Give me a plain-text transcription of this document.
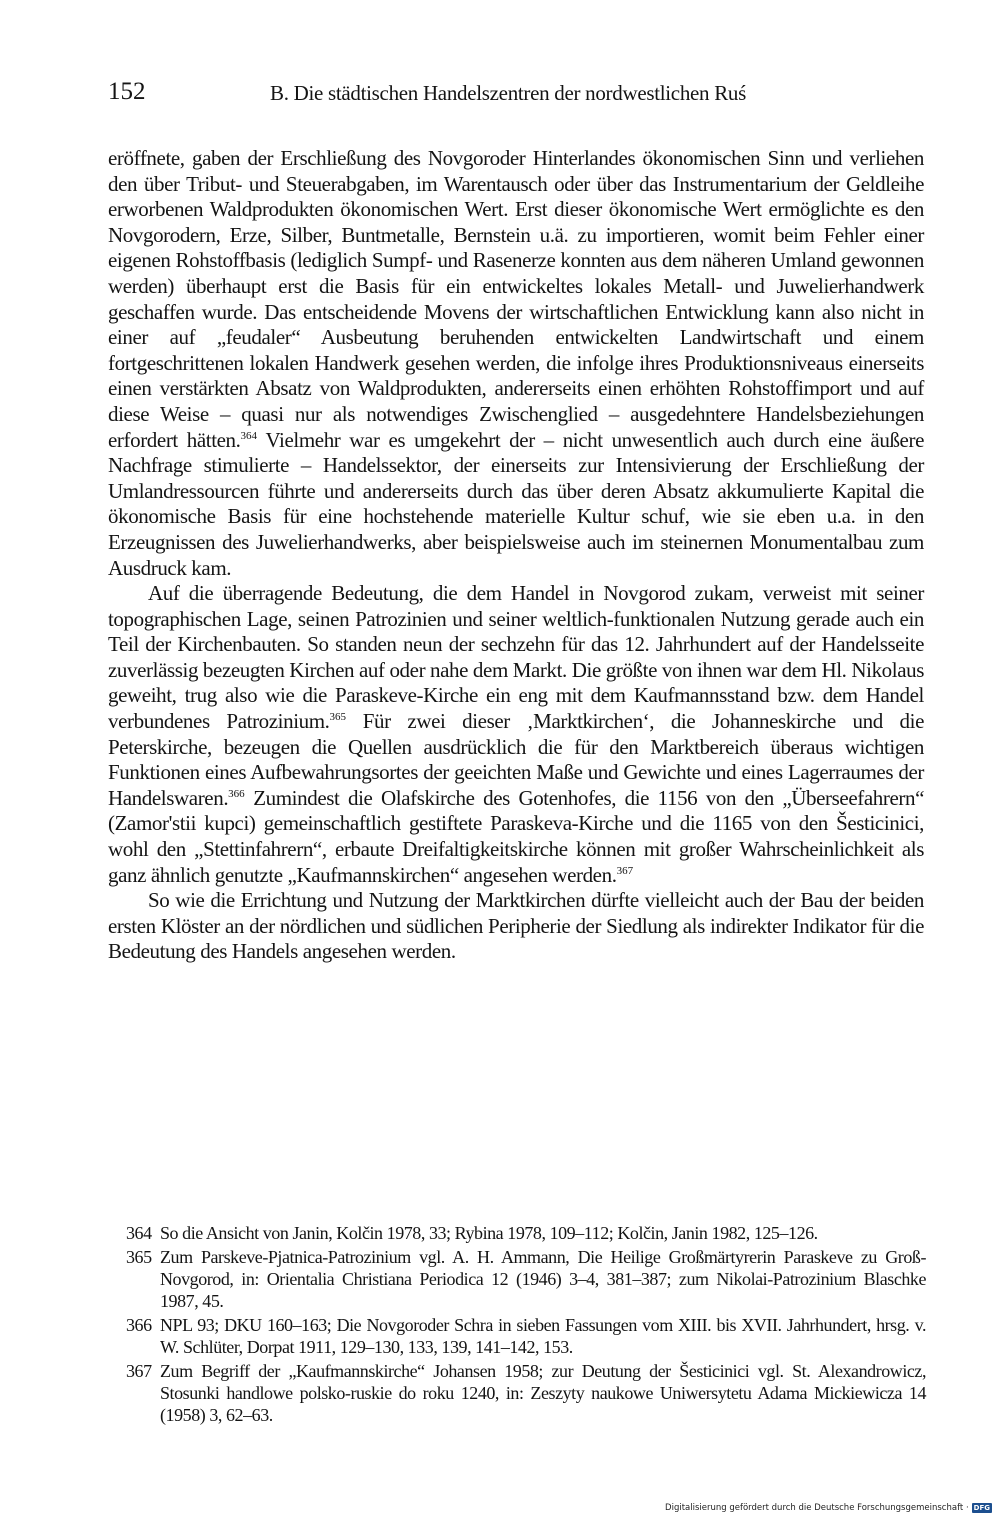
152	B. Die städtischen Handelszentren der nordwestlichen Ruś

eröffnete, gaben der Erschließung des Novgoroder Hinterlandes ökonomischen Sinn und verliehen den über Tribut- und Steuerabgaben, im Warentausch oder über das Instrumentarium der Geldleihe erworbenen Waldprodukten ökonomischen Wert. Erst dieser ökonomische Wert ermöglichte es den Novgorodern, Erze, Silber, Buntmetalle, Bernstein u.ä. zu importieren, womit beim Fehler einer eigenen Rohstoffbasis (lediglich Sumpf- und Rasenerze konnten aus dem näheren Umland gewonnen werden) überhaupt erst die Basis für ein entwickeltes lokales Metall- und Juwelierhandwerk geschaffen wurde. Das entscheidende Movens der wirtschaftlichen Entwicklung kann also nicht in einer auf „feudaler“ Ausbeutung beruhenden entwickelten Landwirtschaft und einem fortgeschrittenen lokalen Handwerk gesehen werden, die infolge ihres Produktionsniveaus einerseits einen verstärkten Absatz von Waldprodukten, andererseits einen erhöhten Rohstoffimport und auf diese Weise – quasi nur als notwendiges Zwischenglied – ausgedehntere Handelsbeziehungen erfordert hätten.$^{364}$ Vielmehr war es umgekehrt der – nicht unwesentlich auch durch eine äußere Nachfrage stimulierte – Handelssektor, der einerseits zur Intensivierung der Erschließung der Umlandressourcen führte und andererseits durch das über deren Absatz akkumulierte Kapital die ökonomische Basis für eine hochstehende materielle Kultur schuf, wie sie eben u.a. in den Erzeugnissen des Juwelierhandwerks, aber beispielsweise auch im steinernen Monumentalbau zum Ausdruck kam.

Auf die überragende Bedeutung, die dem Handel in Novgorod zukam, verweist mit seiner topographischen Lage, seinen Patrozinien und seiner weltlich-funktionalen Nutzung gerade auch ein Teil der Kirchenbauten. So standen neun der sechzehn für das 12. Jahrhundert auf der Handelsseite zuverlässig bezeugten Kirchen auf oder nahe dem Markt. Die größte von ihnen war dem Hl. Nikolaus geweiht, trug also wie die Paraskeve-Kirche ein eng mit dem Kaufmannsstand bzw. dem Handel verbundenes Patrozinium.$^{365}$ Für zwei dieser ‚Marktkirchen‘, die Johanneskirche und die Peterskirche, bezeugen die Quellen ausdrücklich die für den Marktbereich überaus wichtigen Funktionen eines Aufbewahrungsortes der geeichten Maße und Gewichte und eines Lagerraumes der Handelswaren.$^{366}$ Zumindest die Olafskirche des Gotenhofes, die 1156 von den „Überseefahrern“ (Zamor'stii kupci) gemeinschaftlich gestiftete Paraskeva-Kirche und die 1165 von den Šesticinici, wohl den „Stettinfahrern“, erbaute Dreifaltigkeitskirche können mit großer Wahrscheinlichkeit als ganz ähnlich genutzte „Kaufmannskirchen“ angesehen werden.$^{367}$

So wie die Errichtung und Nutzung der Marktkirchen dürfte vielleicht auch der Bau der beiden ersten Klöster an der nördlichen und südlichen Peripherie der Siedlung als indirekter Indikator für die Bedeutung des Handels angesehen werden.

364 So die Ansicht von Janin, Kolčin 1978, 33; Rybina 1978, 109–112; Kolčin, Janin 1982, 125–126.
365 Zum Parskeve-Pjatnica-Patrozinium vgl. A. H. Ammann, Die Heilige Großmärtyrerin Paraskeve zu Groß-Novgorod, in: Orientalia Christiana Periodica 12 (1946) 3–4, 381–387; zum Nikolai-Patrozinium Blaschke 1987, 45.
366 NPL 93; DKU 160–163; Die Novgoroder Schra in sieben Fassungen vom XIII. bis XVII. Jahrhundert, hrsg. v. W. Schlüter, Dorpat 1911, 129–130, 133, 139, 141–142, 153.
367 Zum Begriff der „Kaufmannskirche“ Johansen 1958; zur Deutung der Šesticinici vgl. St. Alexandrowicz, Stosunki handlowe polsko-ruskie do roku 1240, in: Zeszyty naukowe Uniwersytetu Adama Mickiewicza 14 (1958) 3, 62–63.
Digitalisierung gefördert durch die Deutsche Forschungsgemeinschaft · DFG
